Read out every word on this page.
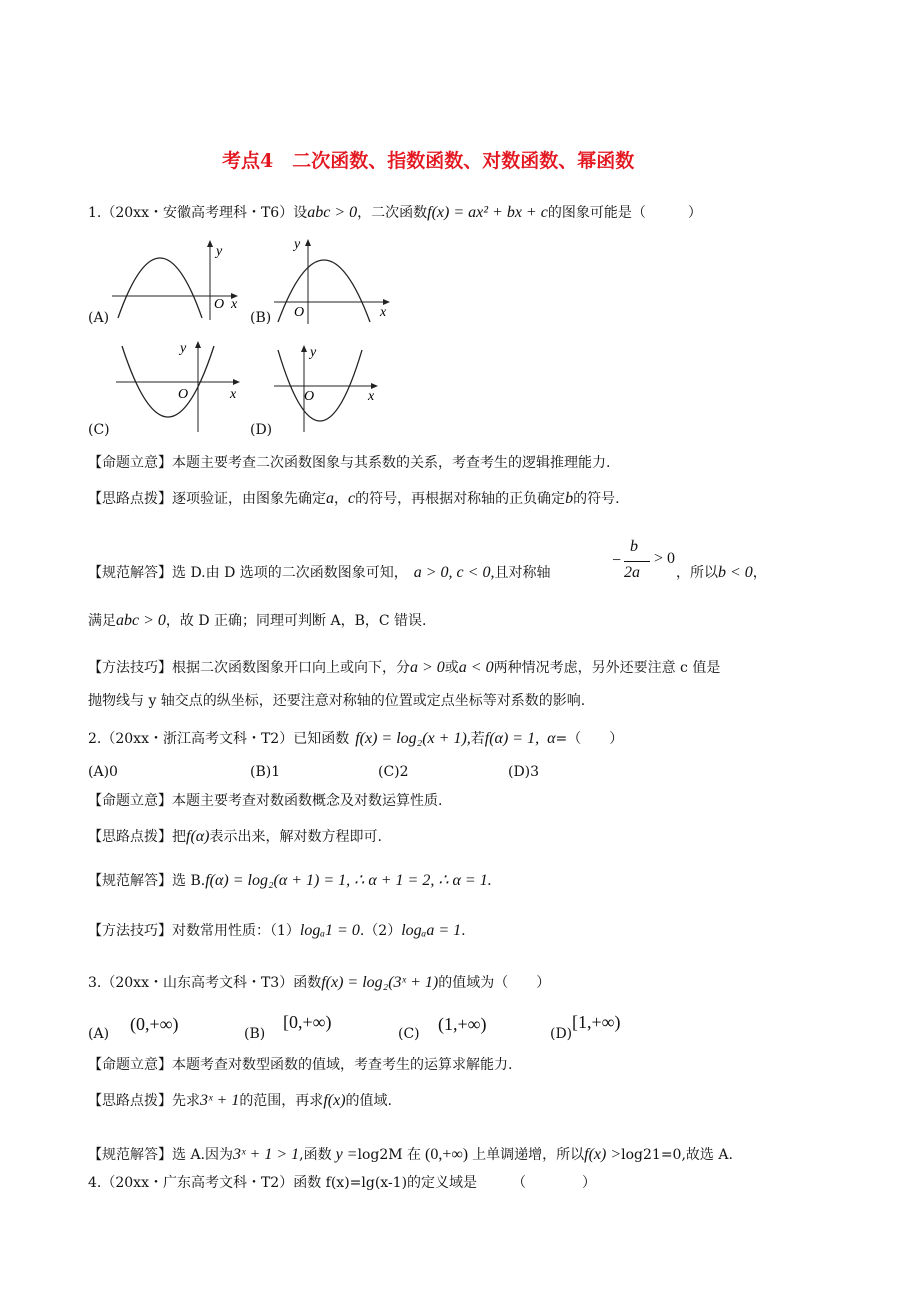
考点4　二次函数、指数函数、对数函数、幂函数
1.（20xx・安徽高考理科・T6）设abc > 0，二次函数f(x) = ax² + bx + c的图象可能是（　　　）
y
O x
(A)
y
O	x
(B)
y
O	x
(C)
y
O	x
(D)
【命题立意】本题主要考查二次函数图象与其系数的关系，考查考生的逻辑推理能力.
【思路点拨】逐项验证，由图象先确定a，c的符号，再根据对称轴的正负确定b的符号.
【规范解答】选 D.由 D 选项的二次函数图象可知， a > 0, c < 0,且对称轴
−
b
2a
> 0
，所以b < 0，
满足abc > 0，故 D 正确；同理可判断 A，B，C 错误.
【方法技巧】根据二次函数图象开口向上或向下，分a > 0或a < 0两种情况考虑，另外还要注意 c 值是
抛物线与 y 轴交点的纵坐标，还要注意对称轴的位置或定点坐标等对系数的影响.
2.（20xx・浙江高考文科・T2）已知函数 f(x) = log₂(x + 1),若f(α) = 1, α=（　　）
(A)0	(B)1	(C)2	(D)3
【命题立意】本题主要考查对数函数概念及对数运算性质.
【思路点拨】把f(α)表示出来，解对数方程即可.
【规范解答】选 B.f(α) = log₂(α + 1) = 1, ∴ α + 1 = 2, ∴ α = 1.
【方法技巧】对数常用性质：（1）logₐ1 = 0.（2）logₐa = 1.
3.（20xx・山东高考文科・T3）函数f(x) = log₂(3ˣ + 1)的值域为（　　）
(A) (0,+∞)	(B)
[0,+∞)
(C) (1,+∞)	(D)
[1,+∞)
【命题立意】本题考查对数型函数的值域，考查考生的运算求解能力.
【思路点拨】先求3ˣ + 1的范围，再求f(x)的值域.
【规范解答】选 A.因为3ˣ + 1 > 1,函数 y =log2M 在 (0,+∞) 上单调递增，所以f(x) >log21=0,故选 A.
4.（20xx・广东高考文科・T2）函数 f(x)=lg(x-1)的定义域是　　　（　　　　）
